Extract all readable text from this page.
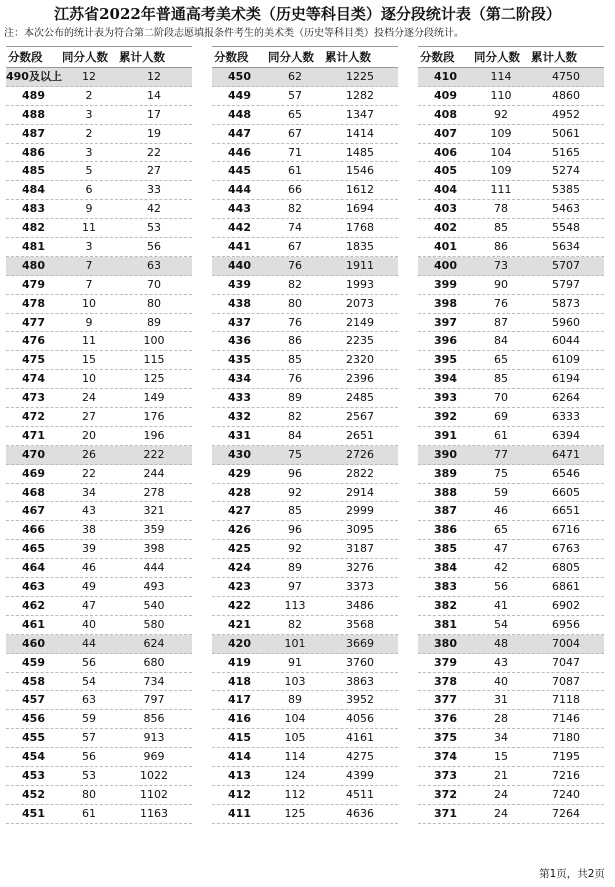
江苏省2022年普通高考美术类（历史等科目类）逐分段统计表（第二阶段）
注：本次公布的统计表为符合第二阶段志愿填报条件考生的美术类（历史等科目类）投档分逐分段统计。
分数段 同分人数 累计人数
490及以上	12	12
489	2	14
488	3	17
487	2	19
486	3	22
485	5	27
484	6	33
483	9	42
482	11	53
481	3	56
480	7	63
479	7	70
478	10	80
477	9	89
476	11	100
475	15	115
474	10	125
473	24	149
472	27	176
471	20	196
470	26	222
469	22	244
468	34	278
467	43	321
466	38	359
465	39	398
464	46	444
463	49	493
462	47	540
461	40	580
460	44	624
459	56	680
458	54	734
457	63	797
456	59	856
455	57	913
454	56	969
453	53	1022
452	80	1102
451	61	1163
分数段 同分人数 累计人数
450	62	1225
449	57	1282
448	65	1347
447	67	1414
446	71	1485
445	61	1546
444	66	1612
443	82	1694
442	74	1768
441	67	1835
440	76	1911
439	82	1993
438	80	2073
437	76	2149
436	86	2235
435	85	2320
434	76	2396
433	89	2485
432	82	2567
431	84	2651
430	75	2726
429	96	2822
428	92	2914
427	85	2999
426	96	3095
425	92	3187
424	89	3276
423	97	3373
422	113	3486
421	82	3568
420	101	3669
419	91	3760
418	103	3863
417	89	3952
416	104	4056
415	105	4161
414	114	4275
413	124	4399
412	112	4511
411	125	4636
分数段 同分人数 累计人数
410	114	4750
409	110	4860
408	92	4952
407	109	5061
406	104	5165
405	109	5274
404	111	5385
403	78	5463
402	85	5548
401	86	5634
400	73	5707
399	90	5797
398	76	5873
397	87	5960
396	84	6044
395	65	6109
394	85	6194
393	70	6264
392	69	6333
391	61	6394
390	77	6471
389	75	6546
388	59	6605
387	46	6651
386	65	6716
385	47	6763
384	42	6805
383	56	6861
382	41	6902
381	54	6956
380	48	7004
379	43	7047
378	40	7087
377	31	7118
376	28	7146
375	34	7180
374	15	7195
373	21	7216
372	24	7240
371	24	7264
第1页，共2页
